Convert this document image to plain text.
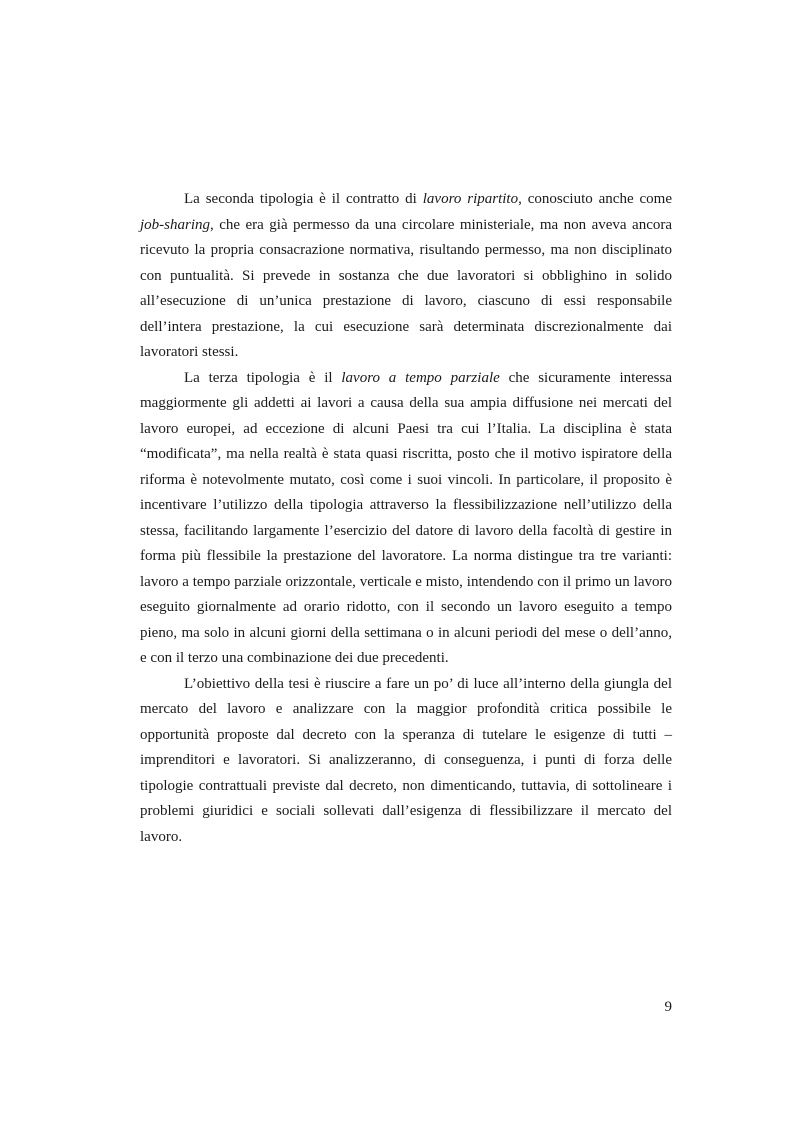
La seconda tipologia è il contratto di lavoro ripartito, conosciuto anche come job-sharing, che era già permesso da una circolare ministeriale, ma non aveva ancora ricevuto la propria consacrazione normativa, risultando permesso, ma non disciplinato con puntualità. Si prevede in sostanza che due lavoratori si obblighino in solido all’esecuzione di un’unica prestazione di lavoro, ciascuno di essi responsabile dell’intera prestazione, la cui esecuzione sarà determinata discrezionalmente dai lavoratori stessi.

La terza tipologia è il lavoro a tempo parziale che sicuramente interessa maggiormente gli addetti ai lavori a causa della sua ampia diffusione nei mercati del lavoro europei, ad eccezione di alcuni Paesi tra cui l’Italia. La disciplina è stata “modificata”, ma nella realtà è stata quasi riscritta, posto che il motivo ispiratore della riforma è notevolmente mutato, così come i suoi vincoli. In particolare, il proposito è incentivare l’utilizzo della tipologia attraverso la flessibilizzazione nell’utilizzo della stessa, facilitando largamente l’esercizio del datore di lavoro della facoltà di gestire in forma più flessibile la prestazione del lavoratore. La norma distingue tra tre varianti: lavoro a tempo parziale orizzontale, verticale e misto, intendendo con il primo un lavoro eseguito giornalmente ad orario ridotto, con il secondo un lavoro eseguito a tempo pieno, ma solo in alcuni giorni della settimana o in alcuni periodi del mese o dell’anno, e con il terzo una combinazione dei due precedenti.

L’obiettivo della tesi è riuscire a fare un po’ di luce all’interno della giungla del mercato del lavoro e analizzare con la maggior profondità critica possibile le opportunità proposte dal decreto con la speranza di tutelare le esigenze di tutti – imprenditori e lavoratori. Si analizzeranno, di conseguenza, i punti di forza delle tipologie contrattuali previste dal decreto, non dimenticando, tuttavia, di sottolineare i problemi giuridici e sociali sollevati dall’esigenza di flessibilizzare il mercato del lavoro.

9
